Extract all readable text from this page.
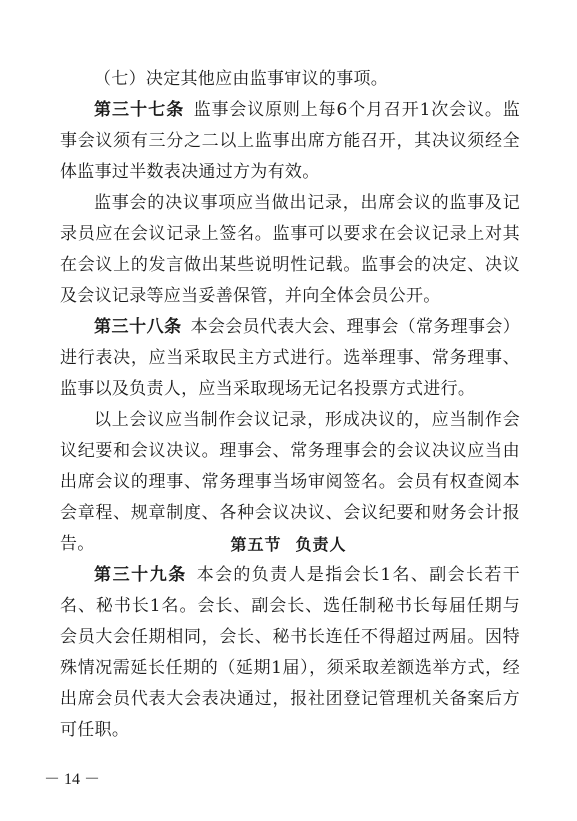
（七）决定其他应由监事审议的事项。

第三十七条  监事会议原则上每6个月召开1次会议。监事会议须有三分之二以上监事出席方能召开，其决议须经全体监事过半数表决通过方为有效。

监事会的决议事项应当做出记录，出席会议的监事及记录员应在会议记录上签名。监事可以要求在会议记录上对其在会议上的发言做出某些说明性记载。监事会的决定、决议及会议记录等应当妥善保管，并向全体会员公开。

第三十八条  本会会员代表大会、理事会（常务理事会）进行表决，应当采取民主方式进行。选举理事、常务理事、监事以及负责人，应当采取现场无记名投票方式进行。

以上会议应当制作会议记录，形成决议的，应当制作会议纪要和会议决议。理事会、常务理事会的会议决议应当由出席会议的理事、常务理事当场审阅签名。会员有权查阅本会章程、规章制度、各种会议决议、会议纪要和财务会计报告。	第五节 负责人

第三十九条  本会的负责人是指会长1名、副会长若干名、秘书长1名。会长、副会长、选任制秘书长每届任期与会员大会任期相同，会长、秘书长连任不得超过两届。因特殊情况需延长任期的（延期1届），须采取差额选举方式，经出席会员代表大会表决通过，报社团登记管理机关备案后方可任职。

－ 14 －
